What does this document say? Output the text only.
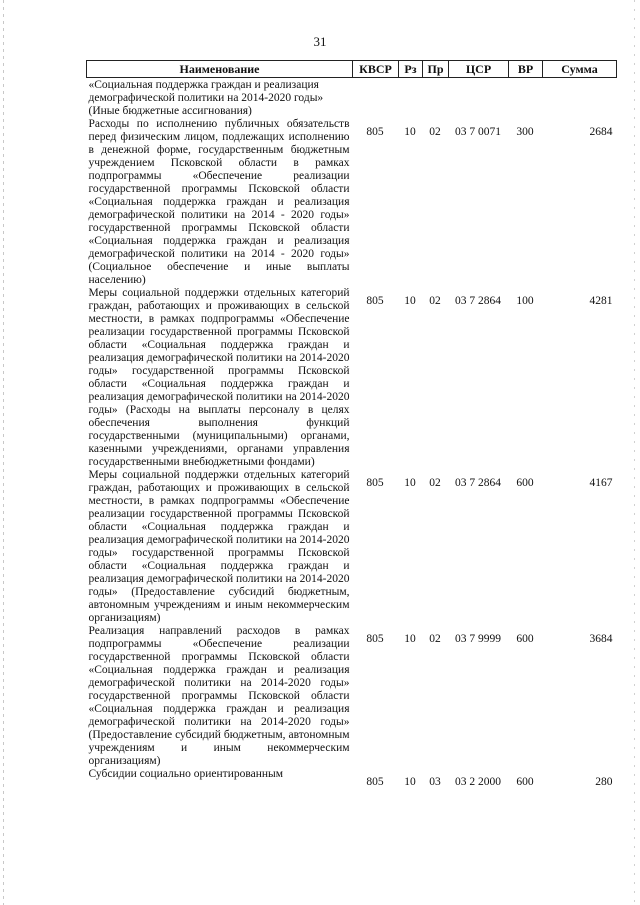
31
Наименование	КВСР	Рз	Пр	ЦСР	ВР	Сумма
«Социальная поддержка граждан и реализация демографической политики на 2014-2020 годы» (Иные бюджетные ассигнования)						
Расходы по исполнению публичных обязательств перед физическим лицом, подлежащих исполнению в денежной форме, государственным бюджетным учреждением Псковской области в рамках подпрограммы «Обеспечение реализации государственной программы Псковской области «Социальная поддержка граждан и реализация демографической политики на 2014 - 2020 годы» государственной программы Псковской области «Социальная поддержка граждан и реализация демографической политики на 2014 - 2020 годы» (Социальное обеспечение и иные выплаты населению)	805	10	02	03 7 0071	300	2684
Меры социальной поддержки отдельных категорий граждан, работающих и проживающих в сельской местности, в рамках подпрограммы «Обеспечение реализации государственной программы Псковской области «Социальная поддержка граждан и реализация демографической политики на 2014-2020 годы» государственной программы Псковской области «Социальная поддержка граждан и реализация демографической политики на 2014-2020 годы» (Расходы на выплаты персоналу в целях обеспечения выполнения функций государственными (муниципальными) органами, казенными учреждениями, органами управления государственными внебюджетными фондами)	805	10	02	03 7 2864	100	4281
Меры социальной поддержки отдельных категорий граждан, работающих и проживающих в сельской местности, в рамках подпрограммы «Обеспечение реализации государственной программы Псковской области «Социальная поддержка граждан и реализация демографической политики на 2014-2020 годы» государственной программы Псковской области «Социальная поддержка граждан и реализация демографической политики на 2014-2020 годы» (Предоставление субсидий бюджетным, автономным учреждениям и иным некоммерческим организациям)	805	10	02	03 7 2864	600	4167
Реализация направлений расходов в рамках подпрограммы «Обеспечение реализации государственной программы Псковской области «Социальная поддержка граждан и реализация демографической политики на 2014-2020 годы» государственной программы Псковской области «Социальная поддержка граждан и реализация демографической политики на 2014-2020 годы» (Предоставление субсидий бюджетным, автономным учреждениям и иным некоммерческим организациям)	805	10	02	03 7 9999	600	3684
Субсидии социально ориентированным	805	10	03	03 2 2000	600	280
